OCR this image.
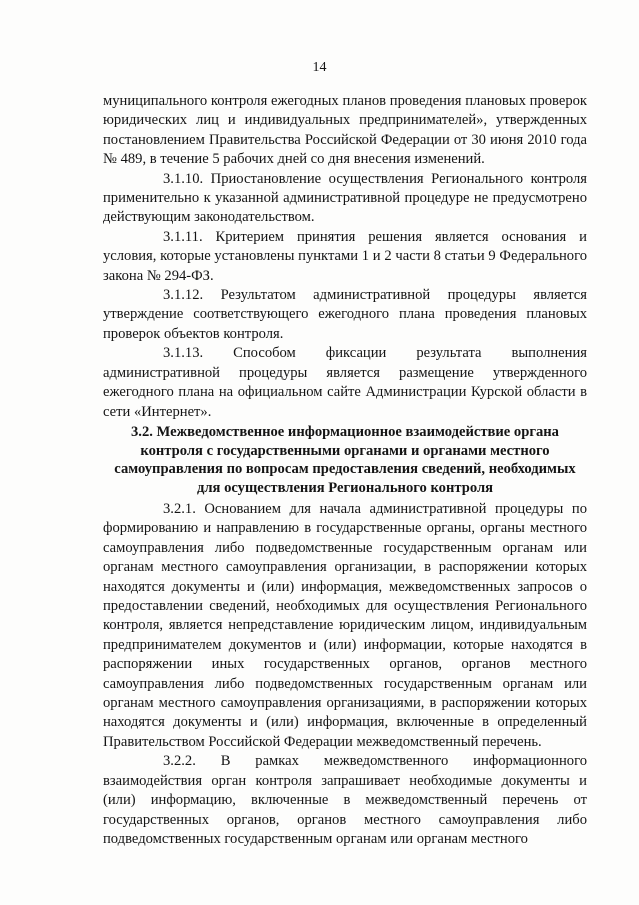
14

муниципального контроля ежегодных планов проведения плановых проверок юридических лиц и индивидуальных предпринимателей», утвержденных постановлением Правительства Российской Федерации от 30 июня 2010 года № 489, в течение 5 рабочих дней со дня внесения изменений.

3.1.10. Приостановление осуществления Регионального контроля применительно к указанной административной процедуре не предусмотрено действующим законодательством.

3.1.11. Критерием принятия решения является основания и условия, которые установлены пунктами 1 и 2 части 8 статьи 9 Федерального закона № 294-ФЗ.

3.1.12. Результатом административной процедуры является утверждение соответствующего ежегодного плана проведения плановых проверок объектов контроля.

3.1.13. Способом фиксации результата выполнения административной процедуры является размещение утвержденного ежегодного плана на официальном сайте Администрации Курской области в сети «Интернет».

3.2. Межведомственное информационное взаимодействие органа контроля с государственными органами и органами местного самоуправления по вопросам предоставления сведений, необходимых для осуществления Регионального контроля

3.2.1. Основанием для начала административной процедуры по формированию и направлению в государственные органы, органы местного самоуправления либо подведомственные государственным органам или органам местного самоуправления организации, в распоряжении которых находятся документы и (или) информация, межведомственных запросов о предоставлении сведений, необходимых для осуществления Регионального контроля, является непредставление юридическим лицом, индивидуальным предпринимателем документов и (или) информации, которые находятся в распоряжении иных государственных органов, органов местного самоуправления либо подведомственных государственным органам или органам местного самоуправления организациями, в распоряжении которых находятся документы и (или) информация, включенные в определенный Правительством Российской Федерации межведомственный перечень.

3.2.2. В рамках межведомственного информационного взаимодействия орган контроля запрашивает необходимые документы и (или) информацию, включенные в межведомственный перечень от государственных органов, органов местного самоуправления либо подведомственных государственным органам или органам местного
